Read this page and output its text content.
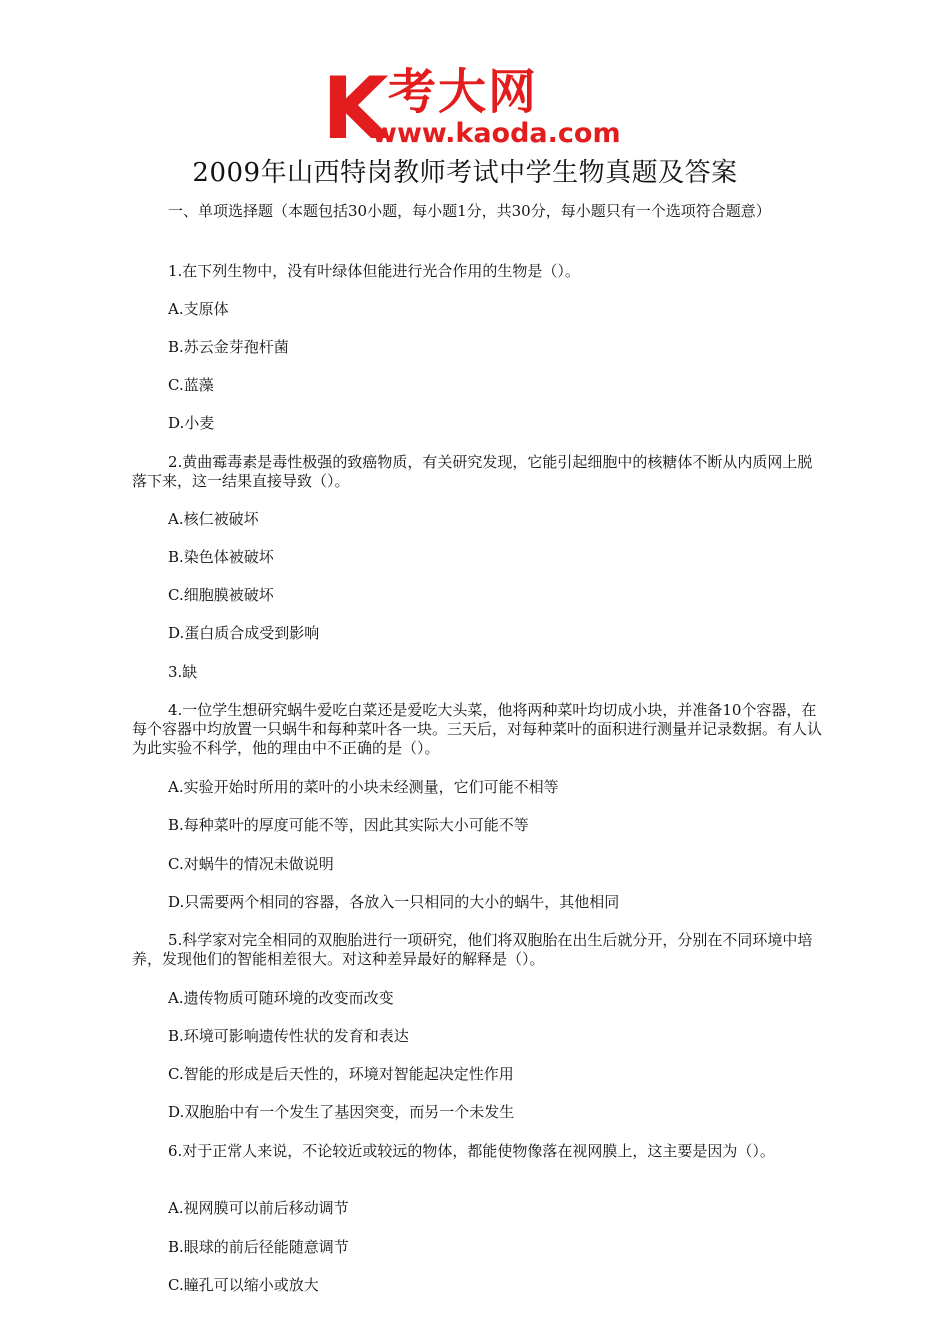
K 考大网
www.kaoda.com
2009年山西特岗教师考试中学生物真题及答案

一、单项选择题（本题包括30小题，每小题1分，共30分，每小题只有一个选项符合题意）

1.在下列生物中，没有叶绿体但能进行光合作用的生物是（）。

A.支原体

B.苏云金芽孢杆菌

C.蓝藻

D.小麦

2.黄曲霉毒素是毒性极强的致癌物质，有关研究发现，它能引起细胞中的核糖体不断从内质网上脱落下来，这一结果直接导致（）。

A.核仁被破坏

B.染色体被破坏

C.细胞膜被破坏

D.蛋白质合成受到影响

3.缺

4.一位学生想研究蜗牛爱吃白菜还是爱吃大头菜，他将两种菜叶均切成小块，并准备10个容器，在每个容器中均放置一只蜗牛和每种菜叶各一块。三天后，对每种菜叶的面积进行测量并记录数据。有人认为此实验不科学，他的理由中不正确的是（）。

A.实验开始时所用的菜叶的小块未经测量，它们可能不相等

B.每种菜叶的厚度可能不等，因此其实际大小可能不等

C.对蜗牛的情况未做说明

D.只需要两个相同的容器，各放入一只相同的大小的蜗牛，其他相同

5.科学家对完全相同的双胞胎进行一项研究，他们将双胞胎在出生后就分开，分别在不同环境中培养，发现他们的智能相差很大。对这种差异最好的解释是（）。

A.遗传物质可随环境的改变而改变

B.环境可影响遗传性状的发育和表达

C.智能的形成是后天性的，环境对智能起决定性作用

D.双胞胎中有一个发生了基因突变，而另一个未发生

6.对于正常人来说，不论较近或较远的物体，都能使物像落在视网膜上，这主要是因为（）。

A.视网膜可以前后移动调节

B.眼球的前后径能随意调节

C.瞳孔可以缩小或放大
